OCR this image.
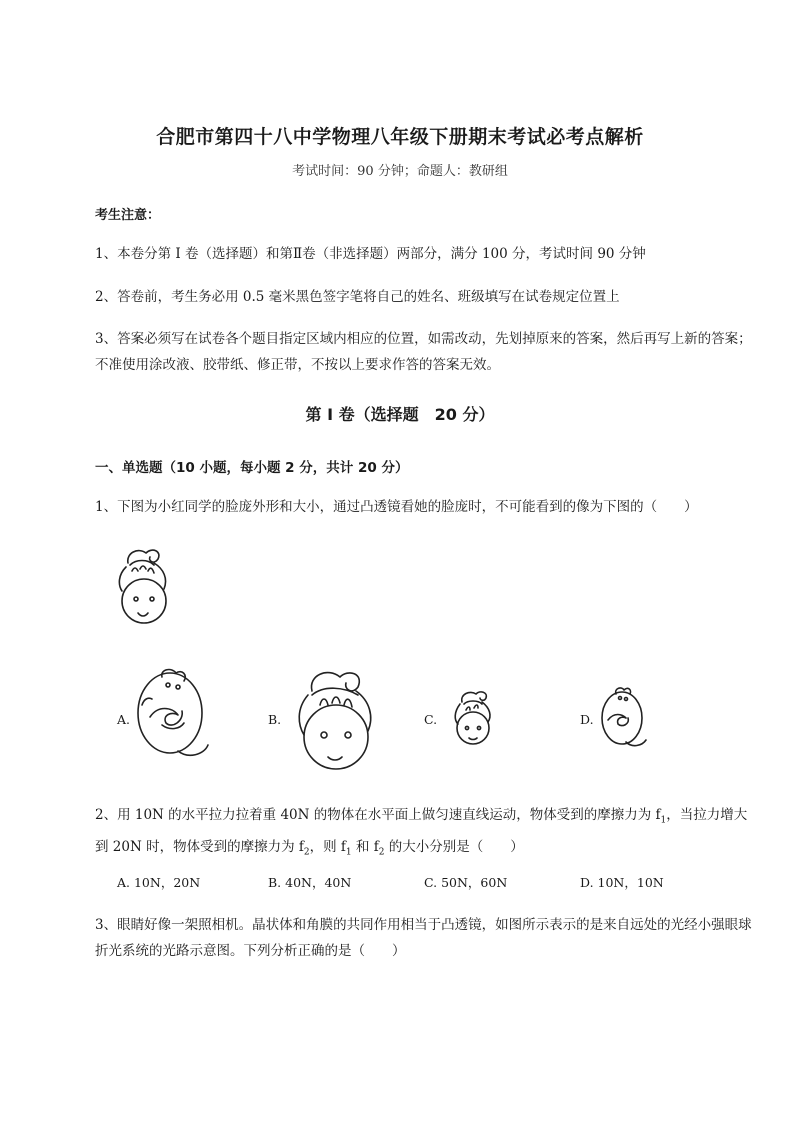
合肥市第四十八中学物理八年级下册期末考试必考点解析
考试时间：90 分钟；命题人：教研组
考生注意：
1、本卷分第 I 卷（选择题）和第Ⅱ卷（非选择题）两部分，满分 100 分，考试时间 90 分钟
2、答卷前，考生务必用 0.5 毫米黑色签字笔将自己的姓名、班级填写在试卷规定位置上
3、答案必须写在试卷各个题目指定区域内相应的位置，如需改动，先划掉原来的答案，然后再写上新的答案；不准使用涂改液、胶带纸、修正带，不按以上要求作答的答案无效。
第 I 卷（选择题　20 分）
一、单选题（10 小题，每小题 2 分，共计 20 分）
1、下图为小红同学的脸庞外形和大小，通过凸透镜看她的脸庞时，不可能看到的像为下图的（　　）
A.	B.	C.	D.
2、用 10N 的水平拉力拉着重 40N 的物体在水平面上做匀速直线运动，物体受到的摩擦力为 $f_1$，当拉力增大到 20N 时，物体受到的摩擦力为 $f_2$，则 $f_1$ 和 $f_2$ 的大小分别是（　　）
A. 10N，20N	B. 40N，40N	C. 50N，60N	D. 10N，10N
3、眼睛好像一架照相机。晶状体和角膜的共同作用相当于凸透镜，如图所示表示的是来自远处的光经小强眼球折光系统的光路示意图。下列分析正确的是（　　）
